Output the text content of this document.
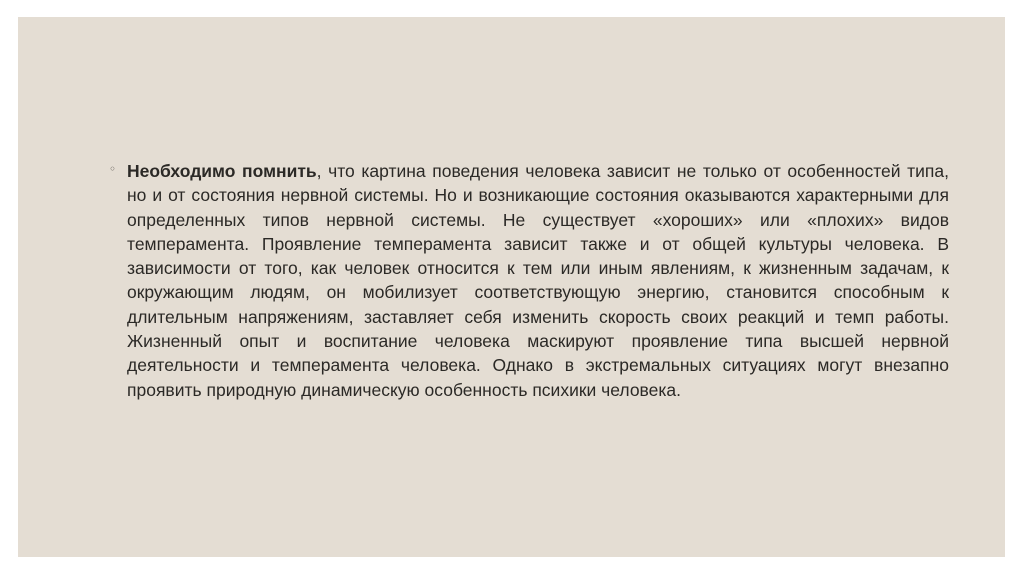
◦ Необходимо помнить, что картина поведения человека зависит не только от особенностей типа, но и от состояния нервной системы. Но и возникающие состояния оказываются характерными для определенных типов нервной системы. Не существует «хороших» или «плохих» видов темперамента. Проявление темперамента зависит также и от общей культуры человека. В зависимости от того, как человек относится к тем или иным явлениям, к жизненным задачам, к окружающим людям, он мобилизует соответствующую энергию, становится способным к длительным напряжениям, заставляет себя изменить скорость своих реакций и темп работы. Жизненный опыт и воспитание человека маскируют проявление типа высшей нервной деятельности и темперамента человека. Однако в экстремальных ситуациях могут внезапно проявить природную динамическую особенность психики человека.
